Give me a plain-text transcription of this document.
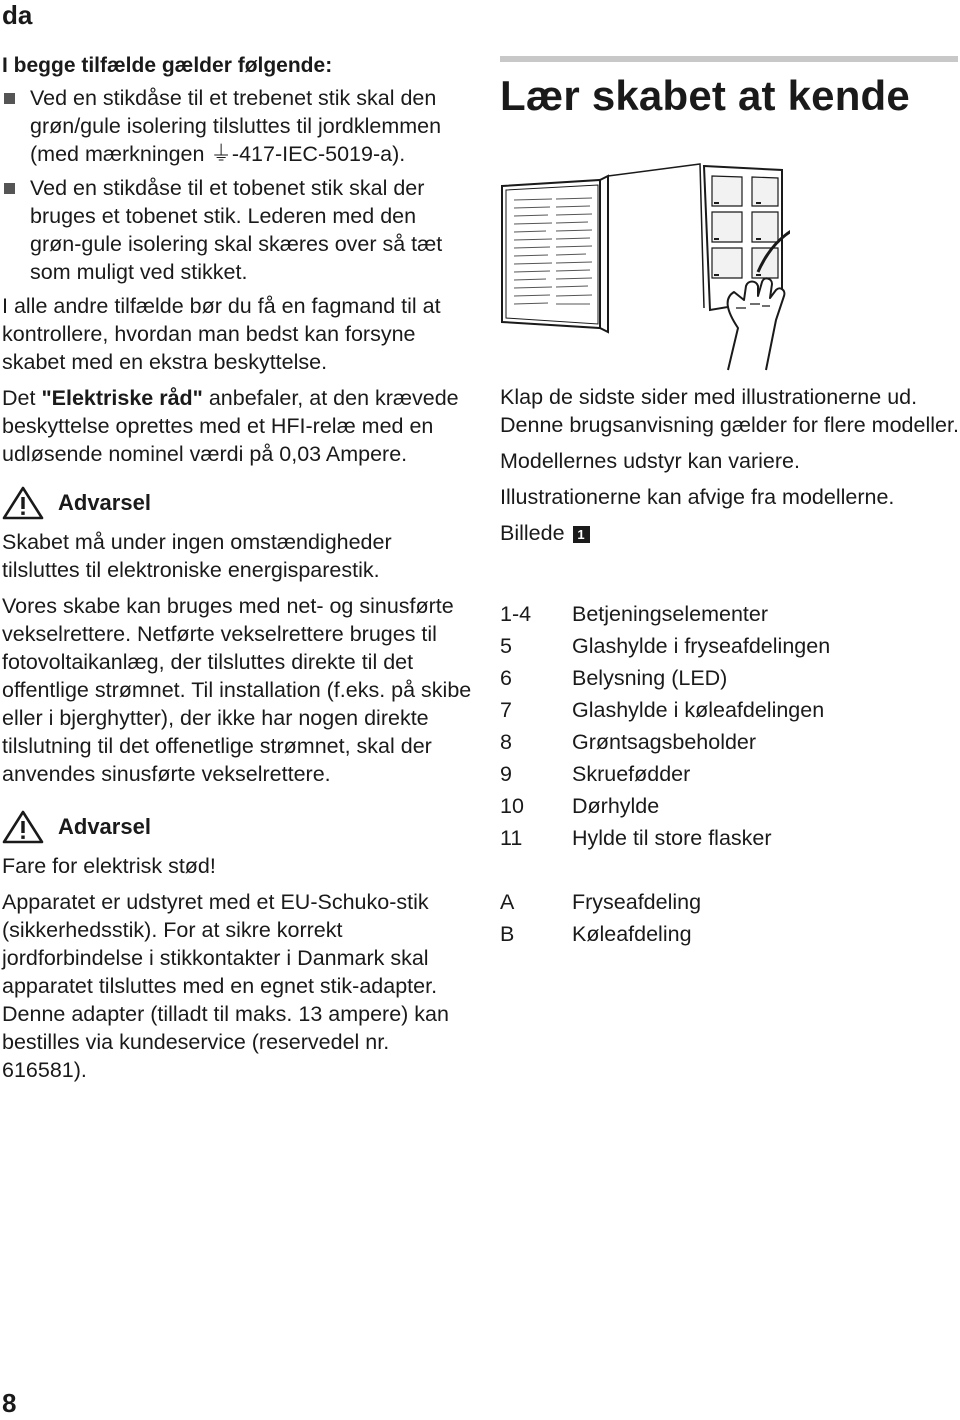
da
I begge tilfælde gælder følgende:
Ved en stikdåse til et trebenet stik skal den grøn/gule isolering tilsluttes til jordklemmen (med mærkningen ⏚-417-IEC-5019-a).
Ved en stikdåse til et tobenet stik skal der bruges et tobenet stik. Lederen med den grøn-gule isolering skal skæres over så tæt som muligt ved stikket.

I alle andre tilfælde bør du få en fagmand til at kontrollere, hvordan man bedst kan forsyne skabet med en ekstra beskyttelse.

Det "Elektriske råd" anbefaler, at den krævede beskyttelse oprettes med et HFI-relæ med en udløsende nominel værdi på 0,03 Ampere.

Advarsel

Skabet må under ingen omstændigheder tilsluttes til elektroniske energisparestik.

Vores skabe kan bruges med net- og sinusførte vekselrettere. Netførte vekselrettere bruges til fotovoltaikanlæg, der tilsluttes direkte til det offentlige strømnet. Til installation (f.eks. på skibe eller i bjerghytter), der ikke har nogen direkte tilslutning til det offenetlige strømnet, skal der anvendes sinusførte vekselrettere.

Advarsel

Fare for elektrisk stød!

Apparatet er udstyret med et EU-Schuko-stik (sikkerhedsstik). For at sikre korrekt jordforbindelse i stikkontakter i Danmark skal apparatet tilsluttes med en egnet stik-adapter. Denne adapter (tilladt til maks. 13 ampere) kan bestilles via kundeservice (reservedel nr. 616581).

Lær skabet at kende

Klap de sidste sider med illustrationerne ud. Denne brugsanvisning gælder for flere modeller.

Modellernes udstyr kan variere.

Illustrationerne kan afvige fra modellerne.

Billede 1

1-4	Betjeningselementer
5	Glashylde i fryseafdelingen
6	Belysning (LED)
7	Glashylde i køleafdelingen
8	Grøntsagsbeholder
9	Skruefødder
10	Dørhylde
11	Hylde til store flasker

A	Fryseafdeling
B	Køleafdeling
8
